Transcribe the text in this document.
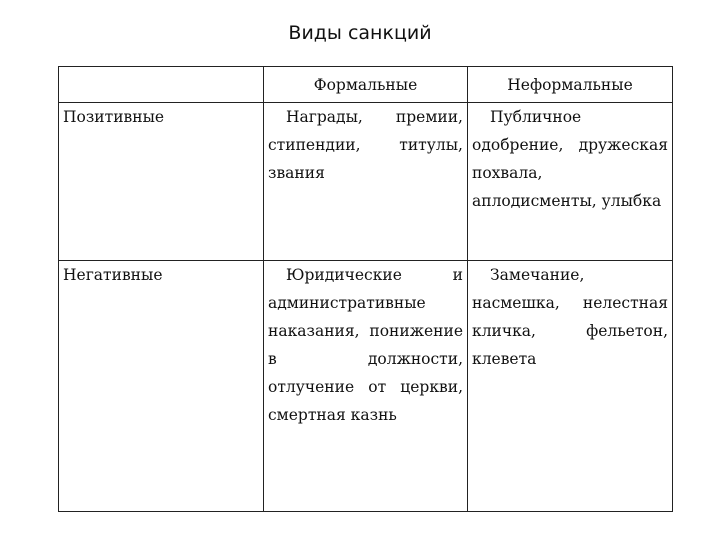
Виды санкций
	Формальные	Неформальные
Позитивные	Награды, премии, стипендии, титулы, звания	Публичное одобрение, дружеская похвала, аплодисменты, улыбка
Негативные	Юридические и административные наказания, понижение в должности, отлучение от церкви, смертная казнь	Замечание, насмешка, нелестная кличка, фельетон, клевета
